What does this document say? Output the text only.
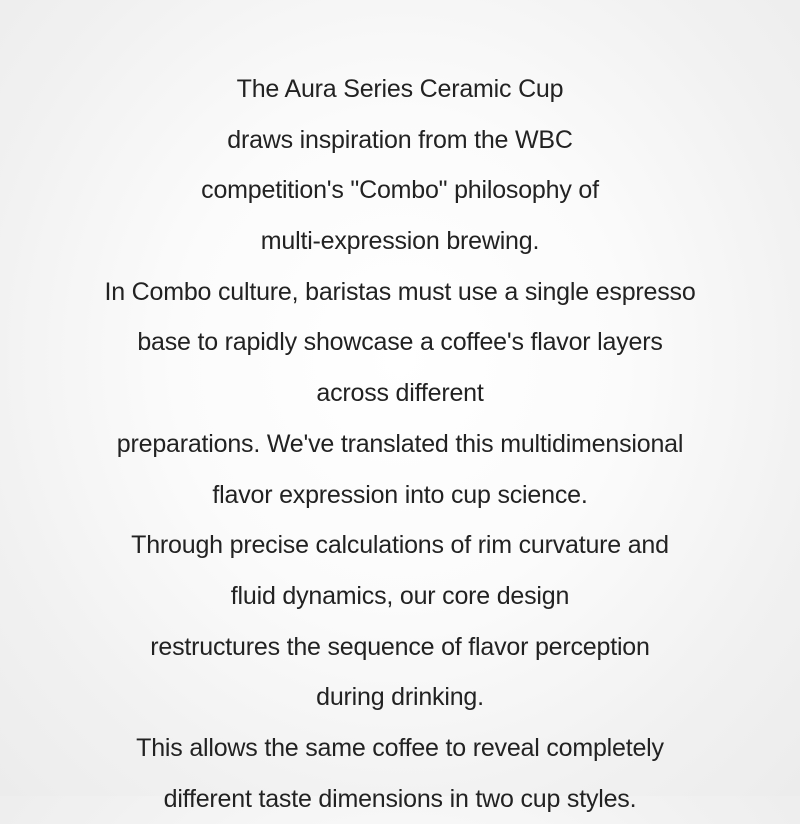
The Aura Series Ceramic Cup
draws inspiration from the WBC
competition's "Combo" philosophy of
multi-expression brewing.
In Combo culture, baristas must use a single espresso
base to rapidly showcase a coffee's flavor layers
across different
preparations. We've translated this multidimensional
flavor expression into cup science.
Through precise calculations of rim curvature and
fluid dynamics, our core design
restructures the sequence of flavor perception
during drinking.
This allows the same coffee to reveal completely
different taste dimensions in two cup styles.
